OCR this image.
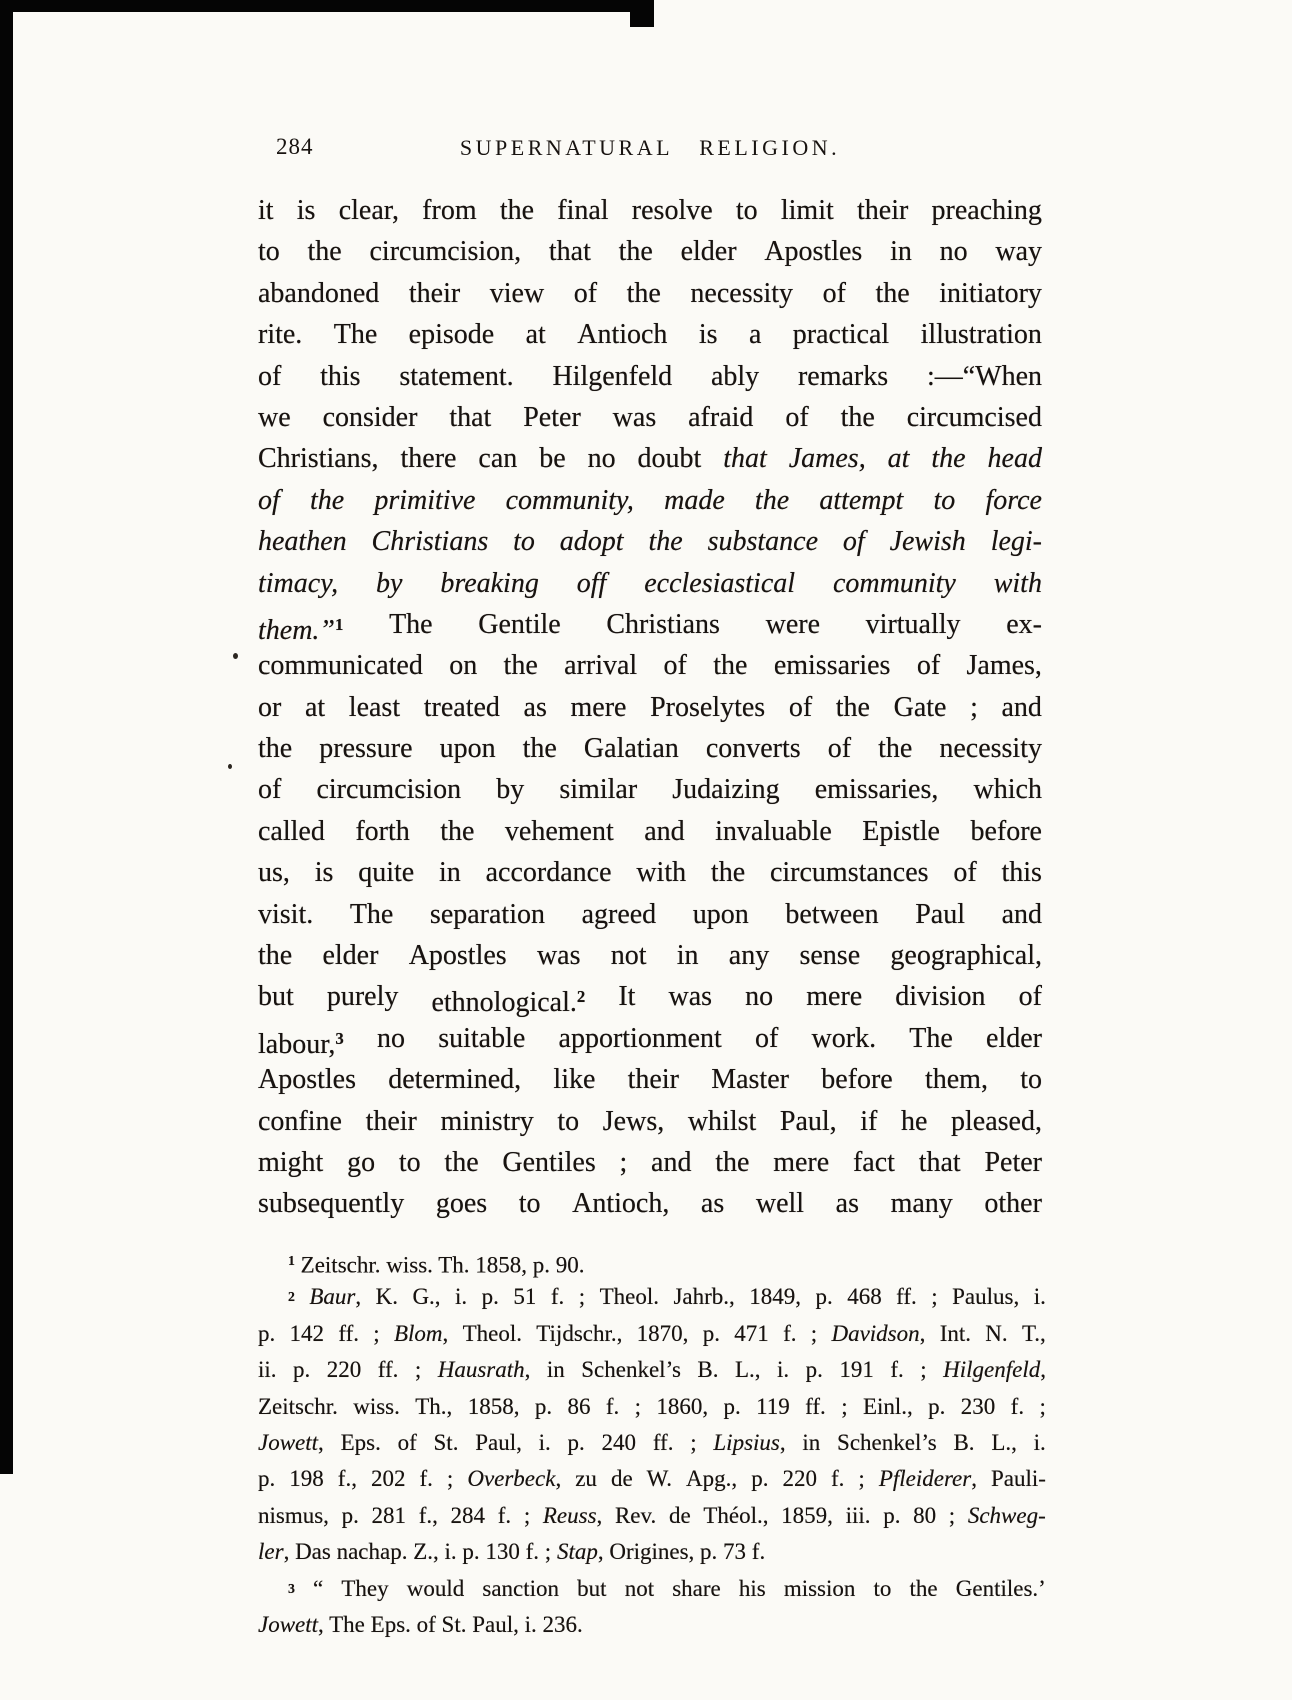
284	SUPERNATURAL RELIGION.
it is clear, from the final resolve to limit their preaching
to the circumcision, that the elder Apostles in no way
abandoned their view of the necessity of the initiatory
rite. The episode at Antioch is a practical illustration
of this statement. Hilgenfeld ably remarks :—“When
we consider that Peter was afraid of the circumcised
Christians, there can be no doubt that James, at the head
of the primitive community, made the attempt to force
heathen Christians to adopt the substance of Jewish legi-
timacy, by breaking off ecclesiastical community with
them.”$^1$ The Gentile Christians were virtually ex-
communicated on the arrival of the emissaries of James,
or at least treated as mere Proselytes of the Gate ; and
the pressure upon the Galatian converts of the necessity
of circumcision by similar Judaizing emissaries, which
called forth the vehement and invaluable Epistle before
us, is quite in accordance with the circumstances of this
visit. The separation agreed upon between Paul and
the elder Apostles was not in any sense geographical,
but purely ethnological.$^2$ It was no mere division of
labour,$^3$ no suitable apportionment of work. The elder
Apostles determined, like their Master before them, to
confine their ministry to Jews, whilst Paul, if he pleased,
might go to the Gentiles ; and the mere fact that Peter
subsequently goes to Antioch, as well as many other
$^1$ Zeitschr. wiss. Th. 1858, p. 90.
$^2$ Baur, K. G., i. p. 51 f. ; Theol. Jahrb., 1849, p. 468 ff. ; Paulus, i.
p. 142 ff. ; Blom, Theol. Tijdschr., 1870, p. 471 f. ; Davidson, Int. N. T.,
ii. p. 220 ff. ; Hausrath, in Schenkel’s B. L., i. p. 191 f. ; Hilgenfeld,
Zeitschr. wiss. Th., 1858, p. 86 f. ; 1860, p. 119 ff. ; Einl., p. 230 f. ;
Jowett, Eps. of St. Paul, i. p. 240 ff. ; Lipsius, in Schenkel’s B. L., i.
p. 198 f., 202 f. ; Overbeck, zu de W. Apg., p. 220 f. ; Pfleiderer, Pauli-
nismus, p. 281 f., 284 f. ; Reuss, Rev. de Théol., 1859, iii. p. 80 ; Schweg-
ler, Das nachap. Z., i. p. 130 f. ; Stap, Origines, p. 73 f.
$^3$ “ They would sanction but not share his mission to the Gentiles.’
Jowett, The Eps. of St. Paul, i. 236.
